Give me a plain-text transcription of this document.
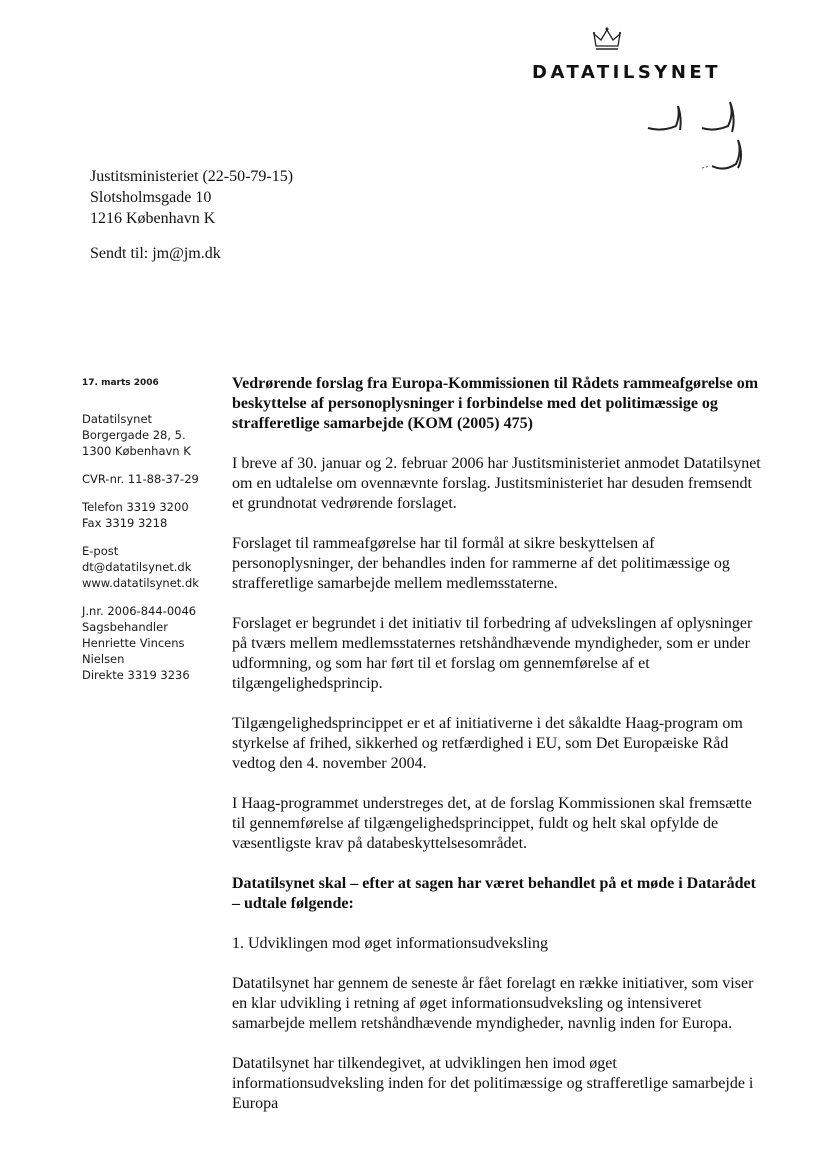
DATATILSYNET
Justitsministeriet (22-50-79-15)
Slotsholmsgade 10
1216 København K
Sendt til: jm@jm.dk
17. marts 2006
Datatilsynet
Borgergade 28, 5.
1300 København K
CVR-nr. 11-88-37-29
Telefon 3319 3200
Fax 3319 3218
E-post
dt@datatilsynet.dk
www.datatilsynet.dk
J.nr. 2006-844-0046
Sagsbehandler
Henriette Vincens
Nielsen
Direkte 3319 3236
Vedrørende forslag fra Europa-Kommissionen til Rådets rammeafgørelse om beskyttelse af personoplysninger i forbindelse med det politimæssige og strafferetlige samarbejde (KOM (2005) 475)

I breve af 30. januar og 2. februar 2006 har Justitsministeriet anmodet Datatilsynet om en udtalelse om ovennævnte forslag. Justitsministeriet har desuden fremsendt et grundnotat vedrørende forslaget.

Forslaget til rammeafgørelse har til formål at sikre beskyttelsen af personoplysninger, der behandles inden for rammerne af det politimæssige og strafferetlige samarbejde mellem medlemsstaterne.

Forslaget er begrundet i det initiativ til forbedring af udvekslingen af oplysninger på tværs mellem medlemsstaternes retshåndhævende myndigheder, som er under udformning, og som har ført til et forslag om gennemførelse af et tilgængelighedsprincip.

Tilgængelighedsprincippet er et af initiativerne i det såkaldte Haag-program om styrkelse af frihed, sikkerhed og retfærdighed i EU, som Det Europæiske Råd vedtog den 4. november 2004.

I Haag-programmet understreges det, at de forslag Kommissionen skal fremsætte til gennemførelse af tilgængelighedsprincippet, fuldt og helt skal opfylde de væsentligste krav på databeskyttelsesområdet.

Datatilsynet skal – efter at sagen har været behandlet på et møde i Datarådet – udtale følgende:

1. Udviklingen mod øget informationsudveksling

Datatilsynet har gennem de seneste år fået forelagt en række initiativer, som viser en klar udvikling i retning af øget informationsudveksling og intensiveret samarbejde mellem retshåndhævende myndigheder, navnlig inden for Europa.

Datatilsynet har tilkendegivet, at udviklingen hen imod øget informationsudveksling inden for det politimæssige og strafferetlige samarbejde i Europa
